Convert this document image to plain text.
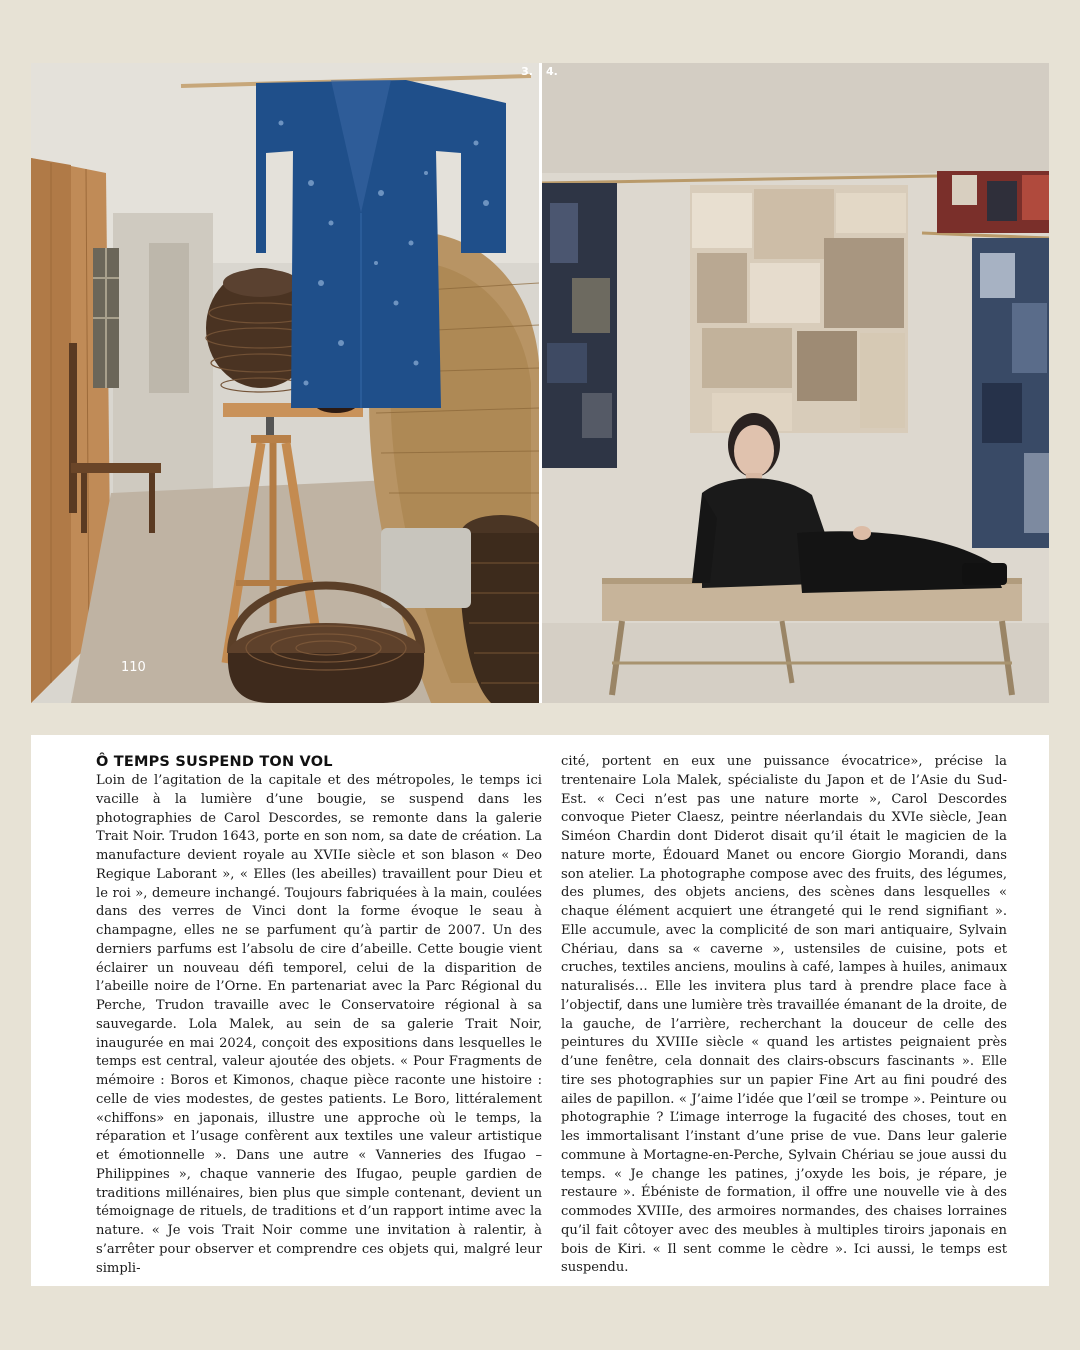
3.
110
4.
Ô TEMPS SUSPEND TON VOL

Loin de l’agitation de la capitale et des métropoles, le temps ici vacille à la lumière d’une bougie, se suspend dans les photographies de Carol Descordes, se remonte dans la galerie Trait Noir. Trudon 1643, porte en son nom, sa date de création. La manufacture devient royale au XVIIe siècle et son blason « Deo Regique Laborant », « Elles (les abeilles) travaillent pour Dieu et le roi », demeure inchangé. Toujours fabriquées à la main, coulées dans des verres de Vinci dont la forme évoque le seau à champagne, elles ne se parfument qu’à partir de 2007. Un des derniers parfums est l’absolu de cire d’abeille. Cette bougie vient éclairer un nouveau défi temporel, celui de la disparition de l’abeille noire de l’Orne. En partenariat avec la Parc Régional du Perche, Trudon travaille avec le Conservatoire régional à sa sauvegarde. Lola Malek, au sein de sa galerie Trait Noir, inaugurée en mai 2024, conçoit des expositions dans lesquelles le temps est central, valeur ajoutée des objets. « Pour Fragments de mémoire : Boros et Kimonos, chaque pièce raconte une histoire : celle de vies modestes, de gestes patients. Le Boro, littéralement «chiffons» en japonais, illustre une approche où le temps, la réparation et l’usage confèrent aux textiles une valeur artistique et émotionnelle ». Dans une autre « Vanneries des Ifugao – Philippines », chaque vannerie des Ifugao, peuple gardien de traditions millénaires, bien plus que simple contenant, devient un témoignage de rituels, de traditions et d’un rapport intime avec la nature. « Je vois Trait Noir comme une invitation à ralentir, à s’arrêter pour observer et comprendre ces objets qui, malgré leur simpli-

cité, portent en eux une puissance évocatrice», précise la trentenaire Lola Malek, spécialiste du Japon et de l’Asie du Sud-Est. « Ceci n’est pas une nature morte », Carol Descordes convoque Pieter Claesz, peintre néerlandais du XVIe siècle, Jean Siméon Chardin dont Diderot disait qu’il était le magicien de la nature morte, Édouard Manet ou encore Giorgio Morandi, dans son atelier. La photographe compose avec des fruits, des légumes, des plumes, des objets anciens, des scènes dans lesquelles « chaque élément acquiert une étrangeté qui le rend signifiant ». Elle accumule, avec la complicité de son mari antiquaire, Sylvain Chériau, dans sa « caverne », ustensiles de cuisine, pots et cruches, textiles anciens, moulins à café, lampes à huiles, animaux naturalisés… Elle les invitera plus tard à prendre place face à l’objectif, dans une lumière très travaillée émanant de la droite, de la gauche, de l’arrière, recherchant la douceur de celle des peintures du XVIIIe siècle « quand les artistes peignaient près d’une fenêtre, cela donnait des clairs-obscurs fascinants ». Elle tire ses photographies sur un papier Fine Art au fini poudré des ailes de papillon. « J’aime l’idée que l’œil se trompe ». Peinture ou photographie ? L’image interroge la fugacité des choses, tout en les immortalisant l’instant d’une prise de vue. Dans leur galerie commune à Mortagne-en-Perche, Sylvain Chériau se joue aussi du temps. « Je change les patines, j’oxyde les bois, je répare, je restaure ». Ébéniste de formation, il offre une nouvelle vie à des commodes XVIIIe, des armoires normandes, des chaises lorraines qu’il fait côtoyer avec des meubles à multiples tiroirs japonais en bois de Kiri. « Il sent comme le cèdre ». Ici aussi, le temps est suspendu.
